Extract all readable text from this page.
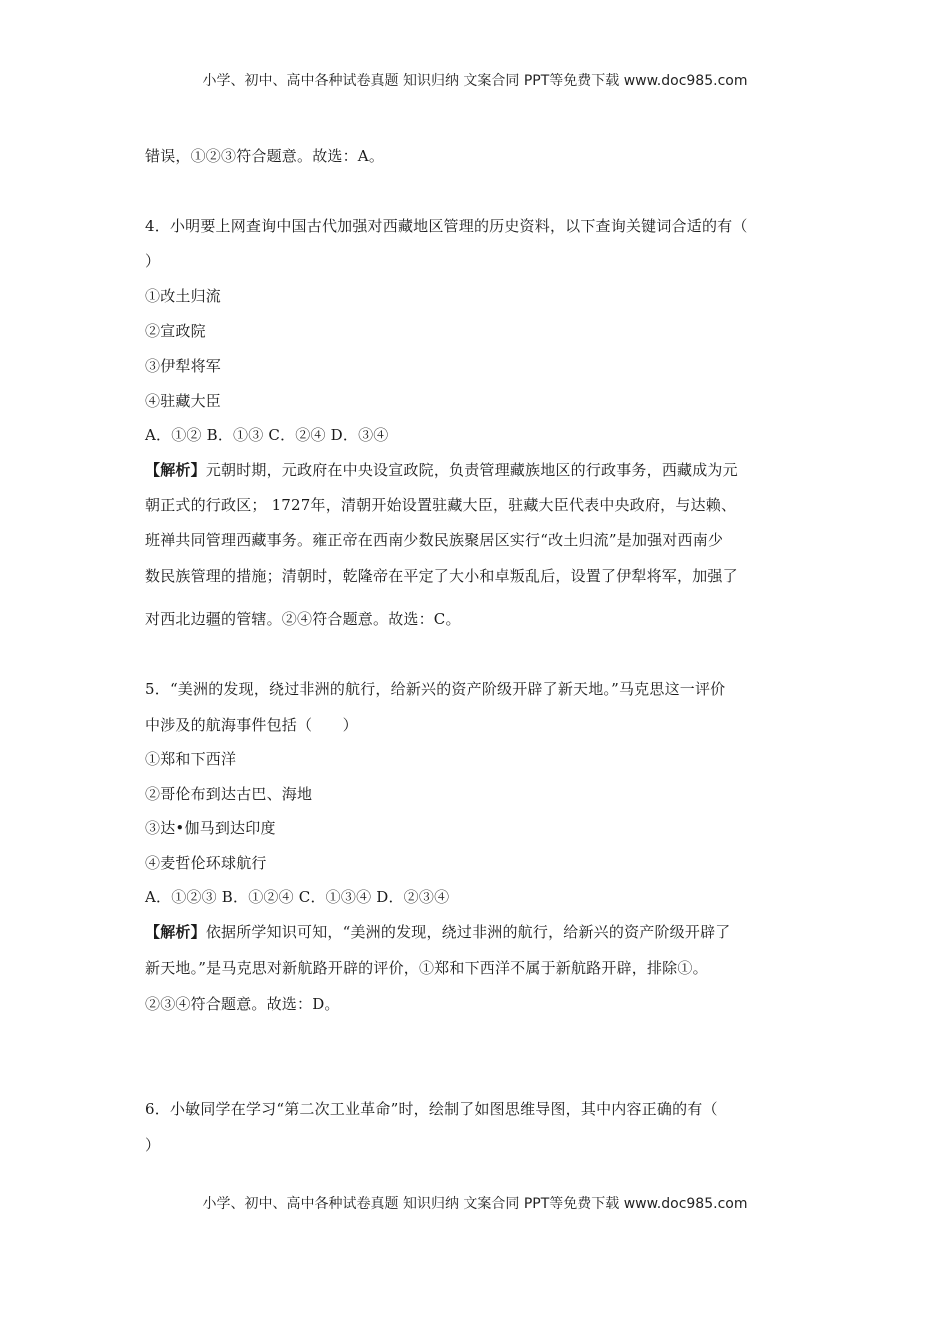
小学、初中、高中各种试卷真题 知识归纳 文案合同 PPT等免费下载 www.doc985.com
错误，①②③符合题意。故选：A。
4．小明要上网查询中国古代加强对西藏地区管理的历史资料，以下查询关键词合适的有（
）
①改土归流
②宣政院
③伊犁将军
④驻藏大臣
A．①② B．①③ C．②④ D．③④
【解析】元朝时期，元政府在中央设宣政院，负责管理藏族地区的行政事务，西藏成为元
朝正式的行政区； 1727年，清朝开始设置驻藏大臣，驻藏大臣代表中央政府，与达赖、
班禅共同管理西藏事务。雍正帝在西南少数民族聚居区实行“改土归流”是加强对西南少
数民族管理的措施；清朝时，乾隆帝在平定了大小和卓叛乱后，设置了伊犁将军，加强了
对西北边疆的管辖。②④符合题意。故选：C。
5．“美洲的发现，绕过非洲的航行，给新兴的资产阶级开辟了新天地。”马克思这一评价
中涉及的航海事件包括（　　）
①郑和下西洋
②哥伦布到达古巴、海地
③达•伽马到达印度
④麦哲伦环球航行
A．①②③ B．①②④ C．①③④ D．②③④
【解析】依据所学知识可知，“美洲的发现，绕过非洲的航行，给新兴的资产阶级开辟了
新天地。”是马克思对新航路开辟的评价，①郑和下西洋不属于新航路开辟，排除①。
②③④符合题意。故选：D。
6．小敏同学在学习“第二次工业革命”时，绘制了如图思维导图，其中内容正确的有（
）
小学、初中、高中各种试卷真题 知识归纳 文案合同 PPT等免费下载 www.doc985.com
